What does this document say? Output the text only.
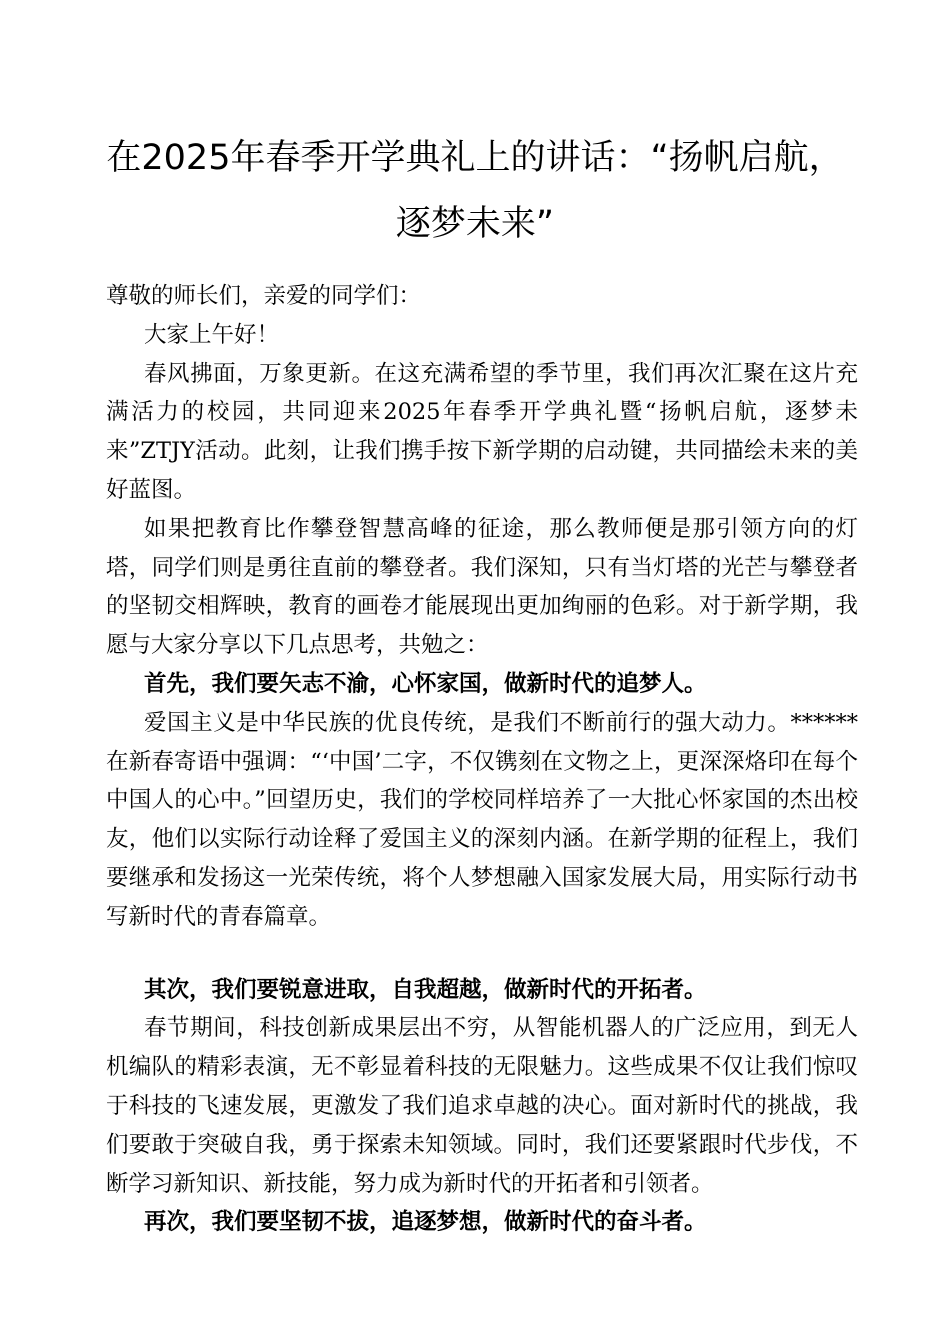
在2025年春季开学典礼上的讲话：“扬帆启航，
逐梦未来”

尊敬的师长们，亲爱的同学们：

大家上午好！

春风拂面，万象更新。在这充满希望的季节里，我们再次汇聚在这片充满活力的校园，共同迎来2025年春季开学典礼暨“扬帆启航，逐梦未来”ZTJY活动。此刻，让我们携手按下新学期的启动键，共同描绘未来的美好蓝图。

如果把教育比作攀登智慧高峰的征途，那么教师便是那引领方向的灯塔，同学们则是勇往直前的攀登者。我们深知，只有当灯塔的光芒与攀登者的坚韧交相辉映，教育的画卷才能展现出更加绚丽的色彩。对于新学期，我愿与大家分享以下几点思考，共勉之：

首先，我们要矢志不渝，心怀家国，做新时代的追梦人。

爱国主义是中华民族的优良传统，是我们不断前行的强大动力。******在新春寄语中强调：“‘中国’二字，不仅镌刻在文物之上，更深深烙印在每个中国人的心中。”回望历史，我们的学校同样培养了一大批心怀家国的杰出校友，他们以实际行动诠释了爱国主义的深刻内涵。在新学期的征程上，我们要继承和发扬这一光荣传统，将个人梦想融入国家发展大局，用实际行动书写新时代的青春篇章。

其次，我们要锐意进取，自我超越，做新时代的开拓者。

春节期间，科技创新成果层出不穷，从智能机器人的广泛应用，到无人机编队的精彩表演，无不彰显着科技的无限魅力。这些成果不仅让我们惊叹于科技的飞速发展，更激发了我们追求卓越的决心。面对新时代的挑战，我们要敢于突破自我，勇于探索未知领域。同时，我们还要紧跟时代步伐，不断学习新知识、新技能，努力成为新时代的开拓者和引领者。

再次，我们要坚韧不拔，追逐梦想，做新时代的奋斗者。
